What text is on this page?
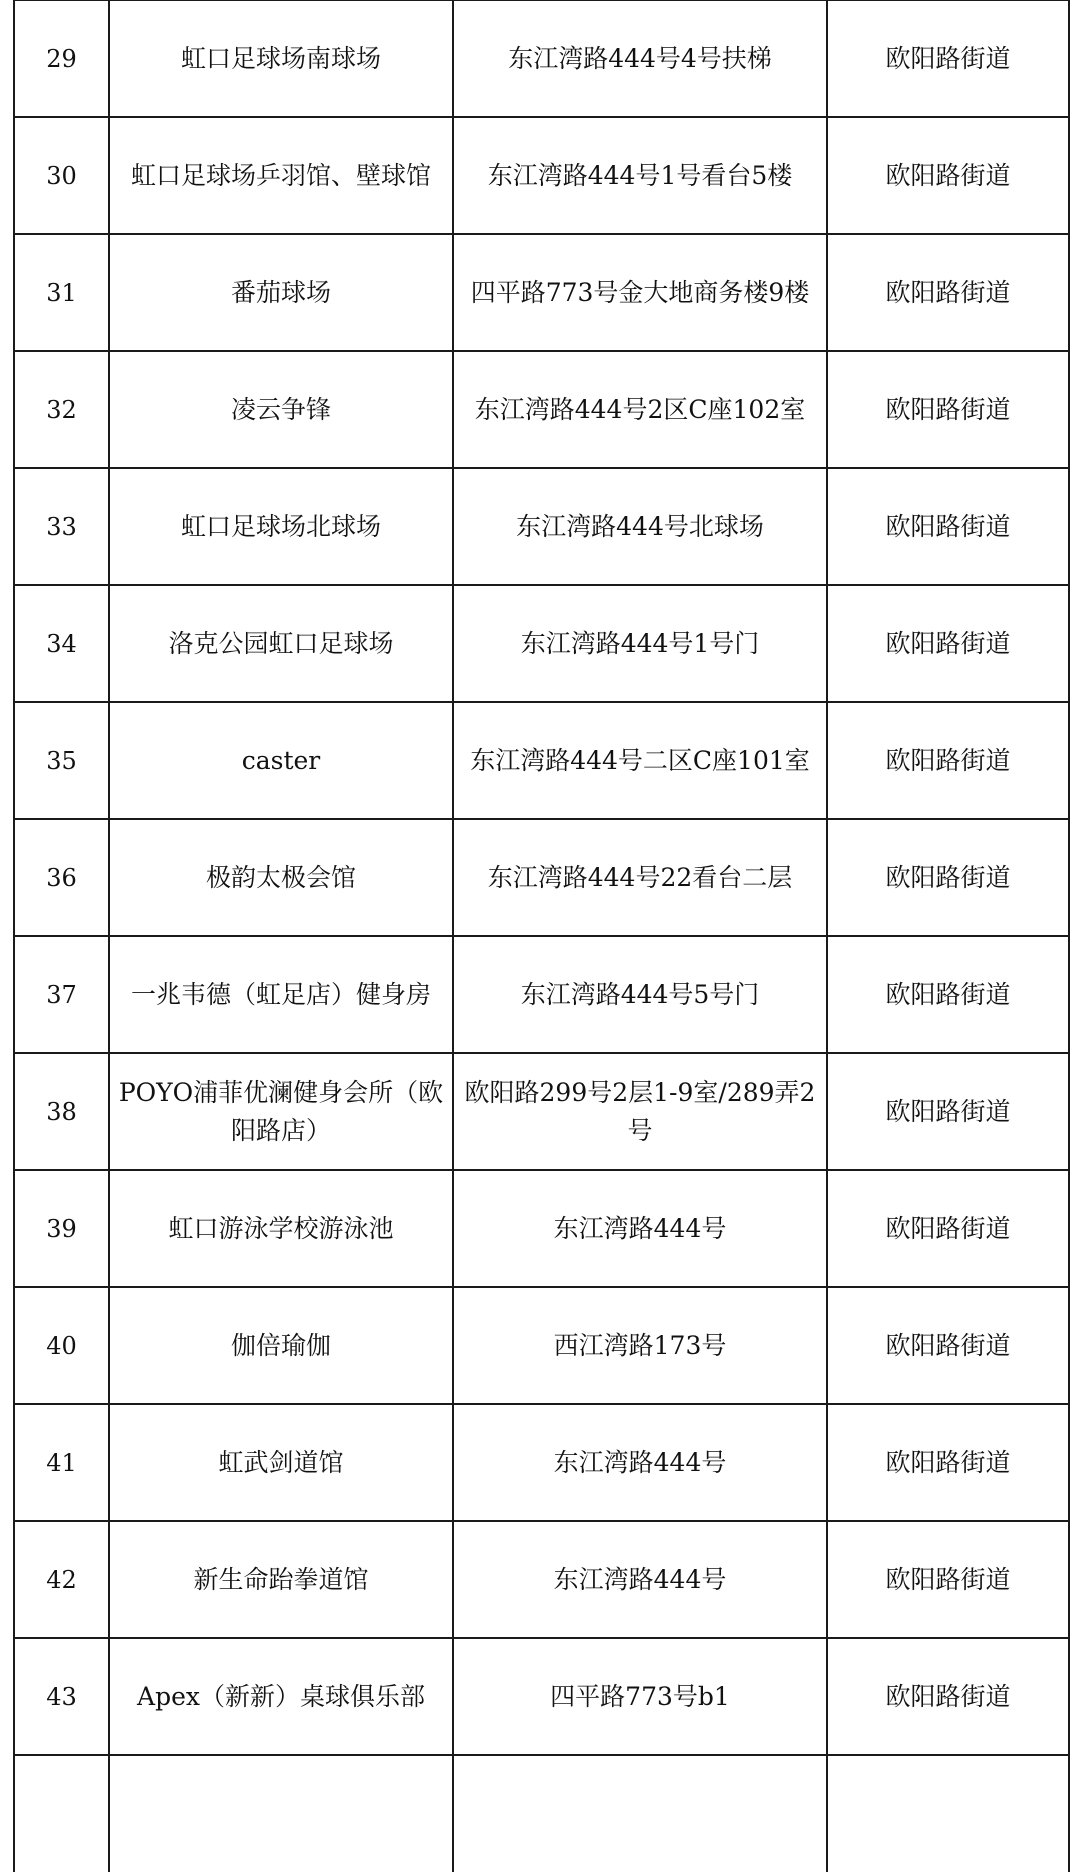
29	虹口足球场南球场	东江湾路444号4号扶梯	欧阳路街道
30	虹口足球场乒羽馆、壁球馆	东江湾路444号1号看台5楼	欧阳路街道
31	番茄球场	四平路773号金大地商务楼9楼	欧阳路街道
32	凌云争锋	东江湾路444号2区C座102室	欧阳路街道
33	虹口足球场北球场	东江湾路444号北球场	欧阳路街道
34	洛克公园虹口足球场	东江湾路444号1号门	欧阳路街道
35	caster	东江湾路444号二区C座101室	欧阳路街道
36	极韵太极会馆	东江湾路444号22看台二层	欧阳路街道
37	一兆韦德（虹足店）健身房	东江湾路444号5号门	欧阳路街道
38	POYO浦菲优澜健身会所（欧阳路店）	欧阳路299号2层1-9室/289弄2号	欧阳路街道
39	虹口游泳学校游泳池	东江湾路444号	欧阳路街道
40	伽倍瑜伽	西江湾路173号	欧阳路街道
41	虹武剑道馆	东江湾路444号	欧阳路街道
42	新生命跆拳道馆	东江湾路444号	欧阳路街道
43	Apex（新新）桌球俱乐部	四平路773号b1	欧阳路街道
